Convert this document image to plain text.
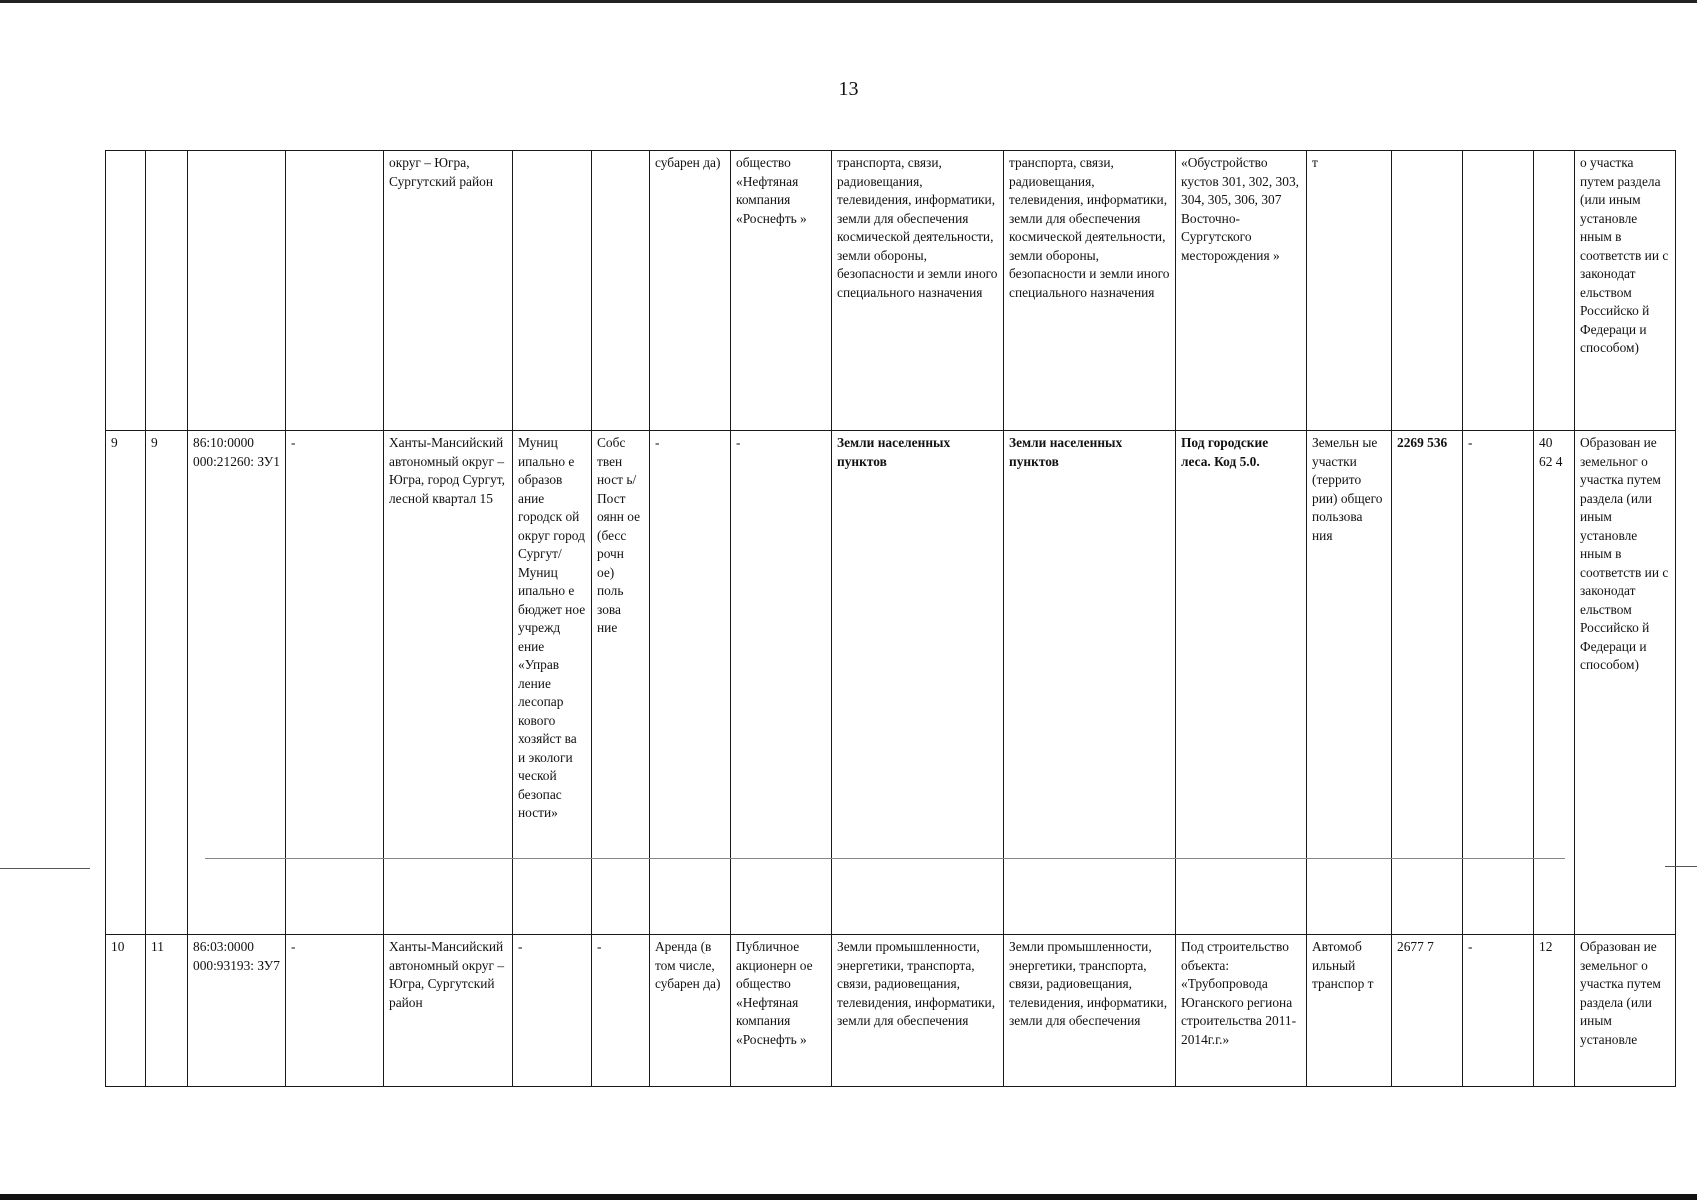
13
				округ – Югра, Сургутский район			субарен да)	общество «Нефтяная компания «Роснефть »	транспорта, связи, радиовещания, телевидения, информатики, земли для обеспечения космической деятельности, земли обороны, безопасности и земли иного специального назначения	транспорта, связи, радиовещания, телевидения, информатики, земли для обеспечения космической деятельности, земли обороны, безопасности и земли иного специального назначения	«Обустройство кустов 301, 302, 303, 304, 305, 306, 307 Восточно-Сургутского месторождения »	т				о участка путем раздела (или иным установле нным в соответств ии с законодат ельством Российско й Федераци и способом)
9	9	86:10:0000 000:21260: ЗУ1	-	Ханты-Мансийский автономный округ – Югра, город Сургут, лесной квартал 15	Муниц ипально е образов ание городск ой округ город Сургут/ Муниц ипально е бюджет ное учрежд ение «Управ ление лесопар кового хозяйст ва и экологи ческой безопас ности»	Собс твен ност ь/ Пост оянн ое (бесс рочн ое) поль зова ние	-	-	Земли населенных пунктов	Земли населенных пунктов	Под городские леса. Код 5.0.	Земельн ые участки (террито рии) общего пользова ния	2269 536	-	40 62 4	Образован ие земельног о участка путем раздела (или иным установле нным в соответств ии с законодат ельством Российско й Федераци и способом)
10	11	86:03:0000 000:93193: ЗУ7	-	Ханты-Мансийский автономный округ – Югра, Сургутский район	-	-	Аренда (в том числе, субарен да)	Публичное акционерн ое общество «Нефтяная компания «Роснефть »	Земли промышленности, энергетики, транспорта, связи, радиовещания, телевидения, информатики, земли для обеспечения	Земли промышленности, энергетики, транспорта, связи, радиовещания, телевидения, информатики, земли для обеспечения	Под строительство объекта: «Трубопровода Юганского региона строительства 2011-2014г.г.»	Автомоб ильный транспор т	2677 7	-	12	Образован ие земельног о участка путем раздела (или иным установле
